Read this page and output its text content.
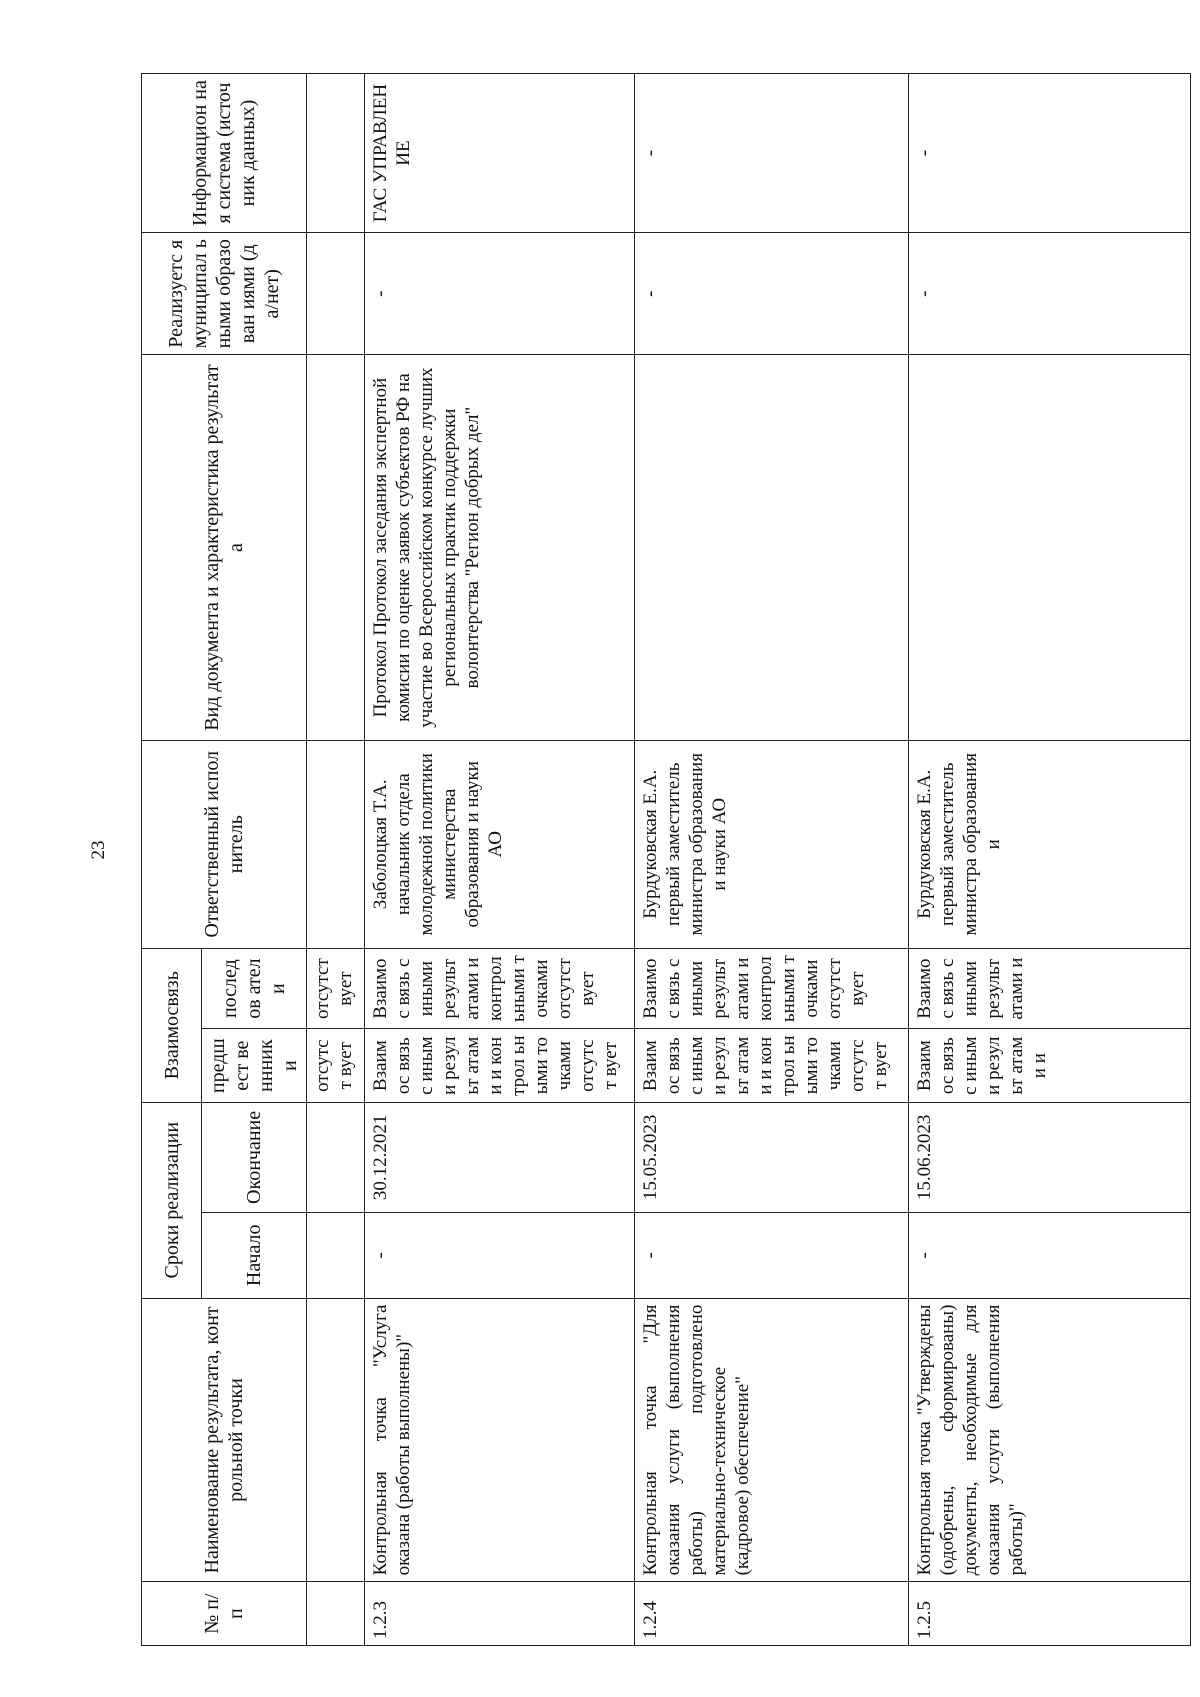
23
№ п/п	Наименование результата, контрольной точки	Сроки реализации		Взаимосвязь		Ответственный исполнитель	Вид документа и характеристика результата	Реализуетс я муниципал ьными образован иями (да/нет)	Информацион ная система (источник данных)
		Начало	Окончание	предшест веннники	последов атели				
				отсутст вует	отсутст вует				
1.2.3	Контрольная точка "Услуга оказана (работы выполнены)"	-	30.12.2021	Взаимос вязь с иными результ атами и контрол ьными точками отсутст вует	Взаимос вязь с иными результ атами и контрол ьными точками отсутст вует	Заболоцкая Т.А. начальник отдела молодежной политики министерства образования и науки АО	Протокол Протокол заседания экспертной комисии по оценке заявок субъектов РФ на участие во Всероссийском конкурсе лучших региональных практик поддержки волонтерства "Регион добрых дел"	-	ГАС УПРАВЛЕН ИЕ
1.2.4	Контрольная точка "Для оказания услуги (выполнения работы) подготовлено материально-техническое (кадровое) обеспечение"	-	15.05.2023	Взаимос вязь с иными результ атами и контрол ьными точками отсутст вует	Взаимос вязь с иными результ атами и контрол ьными точками отсутст вует	Бурдуковская Е.А. первый заместитель министра образования и науки АО		-	-
1.2.5	Контрольная точка "Утверждены (одобрены, сформированы) документы, необходимые для оказания услуги (выполнения работы)"	-	15.06.2023	Взаимос вязь с иными результ атами и	Взаимос вязь с иными результ атами и	Бурдуковская Е.А. первый заместитель министра образования и		-	-
